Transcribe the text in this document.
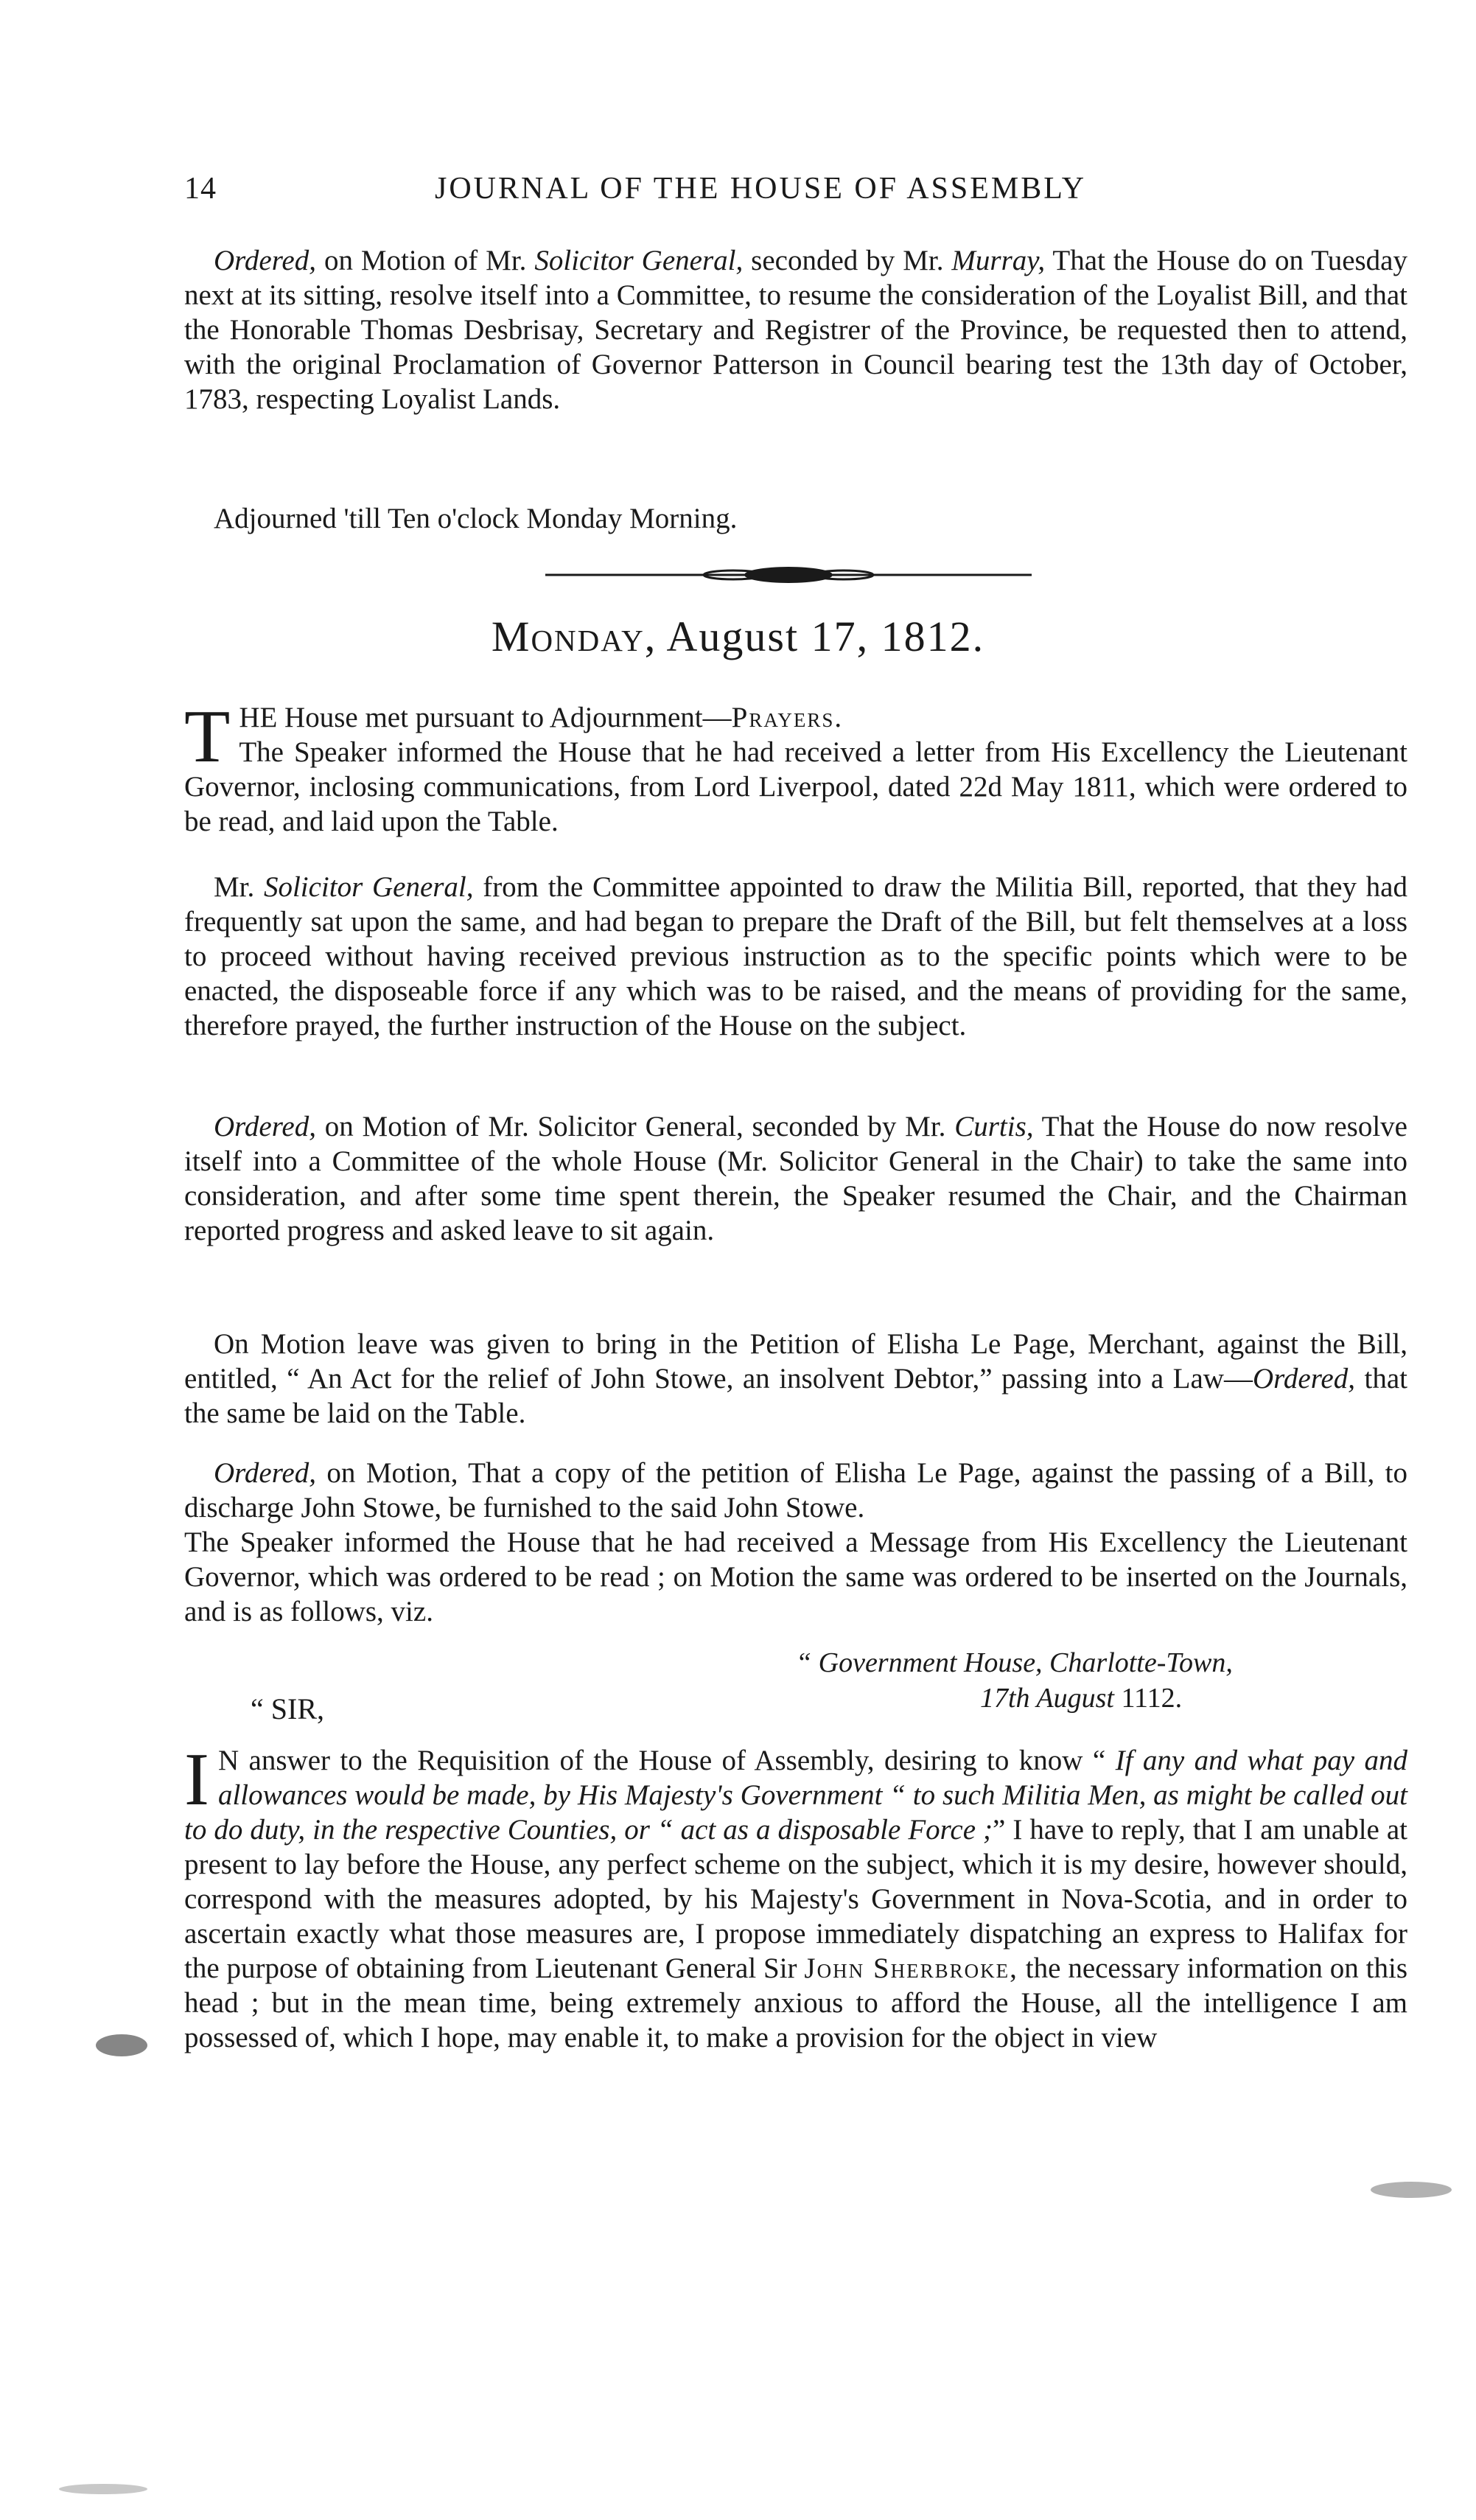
14	JOURNAL OF THE HOUSE OF ASSEMBLY

Ordered, on Motion of Mr. Solicitor General, seconded by Mr. Murray, That the House do on Tuesday next at its sitting, resolve itself into a Committee, to resume the consideration of the Loyalist Bill, and that the Honorable Thomas Desbrisay, Secretary and Registrer of the Province, be requested then to attend, with the original Proclamation of Governor Patterson in Council bearing test the 13th day of October, 1783, respecting Loyalist Lands.

Adjourned 'till Ten o'clock Monday Morning.

Monday, August 17, 1812.

THE House met pursuant to Adjournment—Prayers.
The Speaker informed the House that he had received a letter from His Excellency the Lieutenant Governor, inclosing communications, from Lord Liverpool, dated 22d May 1811, which were ordered to be read, and laid upon the Table.

Mr. Solicitor General, from the Committee appointed to draw the Militia Bill, reported, that they had frequently sat upon the same, and had began to prepare the Draft of the Bill, but felt themselves at a loss to proceed without having received previous instruction as to the specific points which were to be enacted, the disposeable force if any which was to be raised, and the means of providing for the same, therefore prayed, the further instruction of the House on the subject.

Ordered, on Motion of Mr. Solicitor General, seconded by Mr. Curtis, That the House do now resolve itself into a Committee of the whole House (Mr. Solicitor General in the Chair) to take the same into consideration, and after some time spent therein, the Speaker resumed the Chair, and the Chairman reported progress and asked leave to sit again.

On Motion leave was given to bring in the Petition of Elisha Le Page, Merchant, against the Bill, entitled, “ An Act for the relief of John Stowe, an insolvent Debtor,” passing into a Law—Ordered, that the same be laid on the Table.

Ordered, on Motion, That a copy of the petition of Elisha Le Page, against the passing of a Bill, to discharge John Stowe, be furnished to the said John Stowe.
The Speaker informed the House that he had received a Message from His Excellency the Lieutenant Governor, which was ordered to be read ; on Motion the same was ordered to be inserted on the Journals, and is as follows, viz.

“ Government House, Charlotte-Town,
17th August 1112.
“ SIR,

I N answer to the Requisition of the House of Assembly, desiring to know “ If any and what pay and allowances would be made, by His Majesty's Government “ to such Militia Men, as might be called out to do duty, in the respective Counties, or “ act as a disposable Force ;” I have to reply, that I am unable at present to lay before the House, any perfect scheme on the subject, which it is my desire, however should, correspond with the measures adopted, by his Majesty's Government in Nova-Scotia, and in order to ascertain exactly what those measures are, I propose immediately dispatching an express to Halifax for the purpose of obtaining from Lieutenant General Sir John Sherbroke, the necessary information on this head ; but in the mean time, being extremely anxious to afford the House, all the intelligence I am possessed of, which I hope, may enable it, to make a provision for the object in view
